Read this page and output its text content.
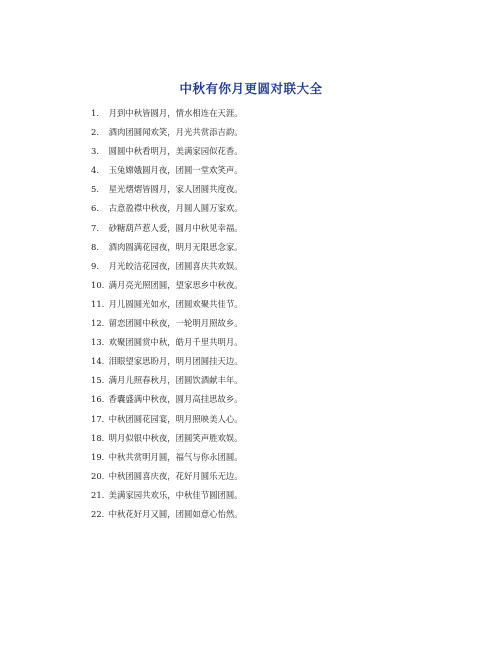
中秋有你月更圆对联大全
1. 月到中秋皆圆月，情水相连在天涯。
2. 酒肉团圆闻欢笑，月光共赏添吉韵。
3. 圆圆中秋看明月，美满家园似花香。
4. 玉兔嫦娥圆月夜，团圆一堂欢笑声。
5. 星光熠熠皆圆月，家人团圆共度夜。
6. 古意盈襟中秋夜，月圆人圆万家欢。
7. 砂糖葫芦惹人爱，圆月中秋见幸福。
8. 酒肉圆满花园夜，明月无限思念家。
9. 月光皎洁花园夜，团圆喜庆共欢娱。
10. 满月亮光照团圆，望家思乡中秋夜。
11. 月儿圆圆光如水，团圆欢聚共佳节。
12. 留恋团圆中秋夜，一轮明月照故乡。
13. 欢聚团圆赏中秋，皓月千里共明月。
14. 泪眼望家思盼月，明月团圆挂天边。
15. 满月儿照春秋月，团圆饮酒献丰年。
16. 香囊盛满中秋夜，圆月高挂思故乡。
17. 中秋团圆花园宴，明月照映美人心。
18. 明月似银中秋夜，团圆笑声胜欢娱。
19. 中秋共赏明月圆，福气与你永团圆。
20. 中秋团圆喜庆夜，花好月圆乐无边。
21. 美满家园共欢乐，中秋佳节圆团圆。
22. 中秋花好月又圆，团圆如意心怡然。
